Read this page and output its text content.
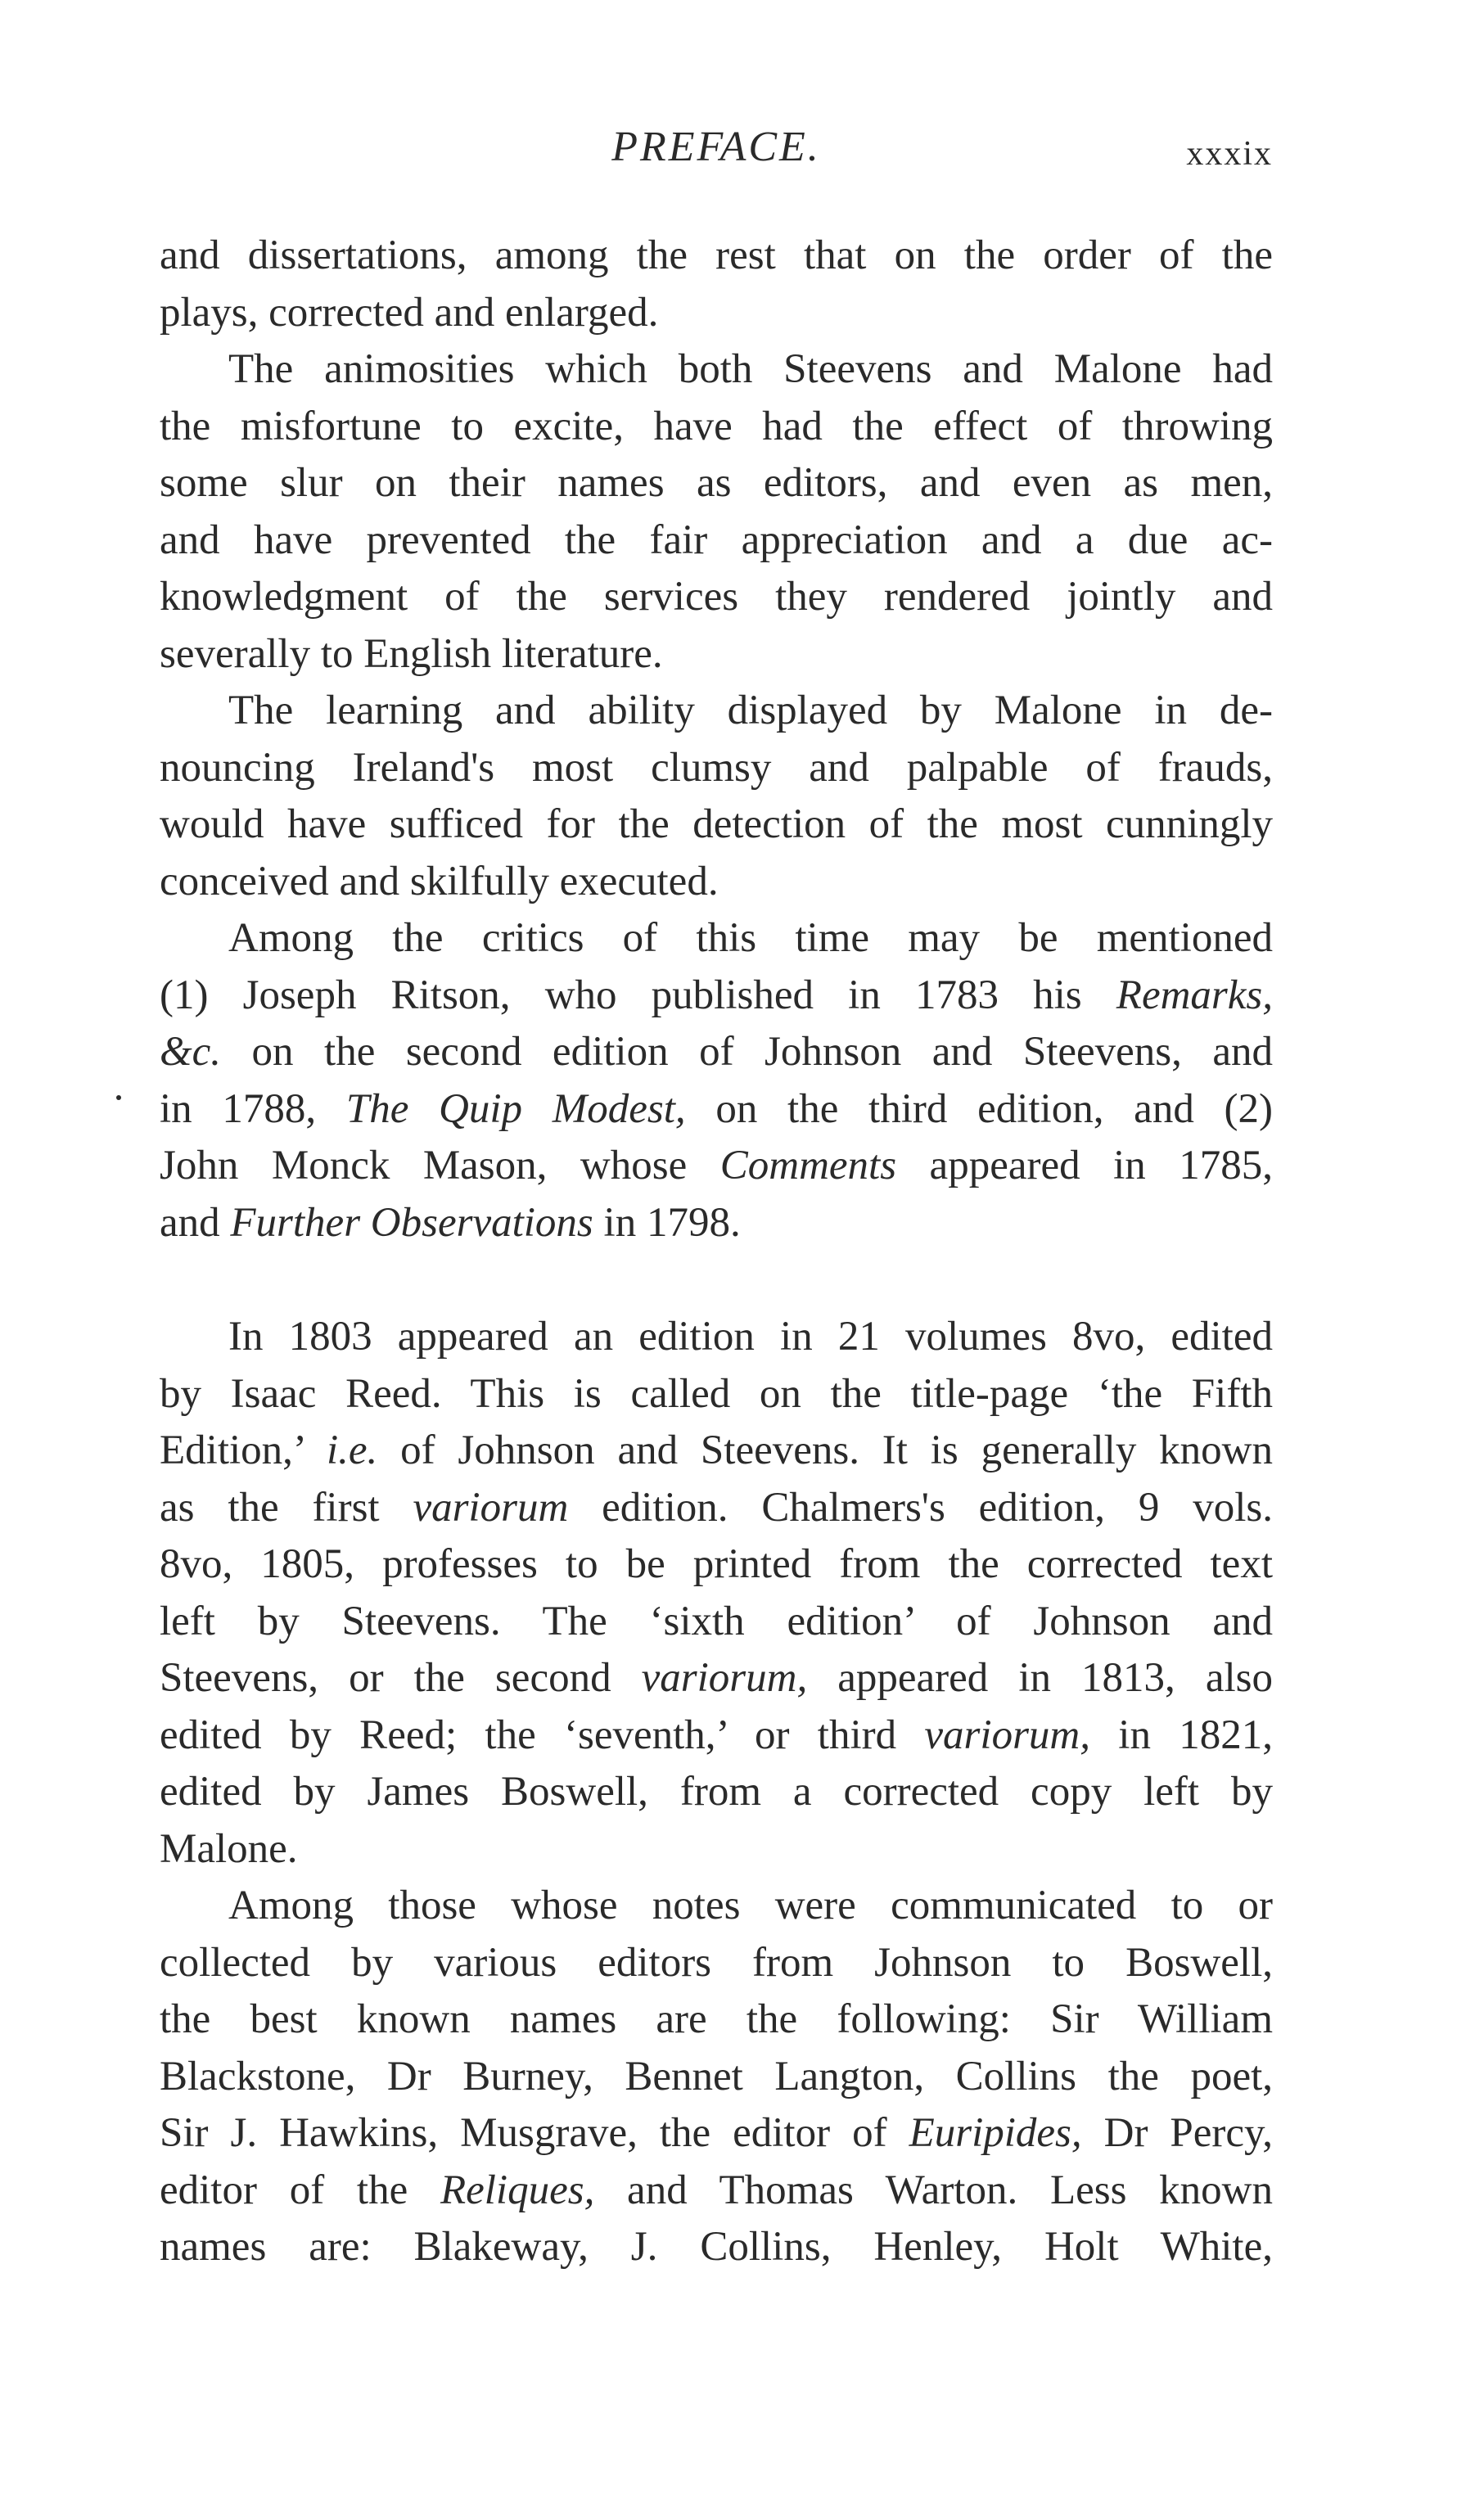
PREFACE.	xxxix
and dissertations, among the rest that on the order of the
plays, corrected and enlarged.
The animosities which both Steevens and Malone had
the misfortune to excite, have had the effect of throwing
some slur on their names as editors, and even as men,
and have prevented the fair appreciation and a due ac-
knowledgment of the services they rendered jointly and
severally to English literature.
The learning and ability displayed by Malone in de-
nouncing Ireland's most clumsy and palpable of frauds,
would have sufficed for the detection of the most cunningly
conceived and skilfully executed.
Among the critics of this time may be mentioned
(1) Joseph Ritson, who published in 1783 his Remarks,
&c. on the second edition of Johnson and Steevens, and
in 1788, The Quip Modest, on the third edition, and (2)
John Monck Mason, whose Comments appeared in 1785,
and Further Observations in 1798.
In 1803 appeared an edition in 21 volumes 8vo, edited
by Isaac Reed. This is called on the title-page ‘the Fifth
Edition,’ i.e. of Johnson and Steevens. It is generally known
as the first variorum edition. Chalmers's edition, 9 vols.
8vo, 1805, professes to be printed from the corrected text
left by Steevens. The ‘sixth edition’ of Johnson and
Steevens, or the second variorum, appeared in 1813, also
edited by Reed; the ‘seventh,’ or third variorum, in 1821,
edited by James Boswell, from a corrected copy left by
Malone.
Among those whose notes were communicated to or
collected by various editors from Johnson to Boswell,
the best known names are the following: Sir William
Blackstone, Dr Burney, Bennet Langton, Collins the poet,
Sir J. Hawkins, Musgrave, the editor of Euripides, Dr Percy,
editor of the Reliques, and Thomas Warton. Less known
names are: Blakeway, J. Collins, Henley, Holt White,
